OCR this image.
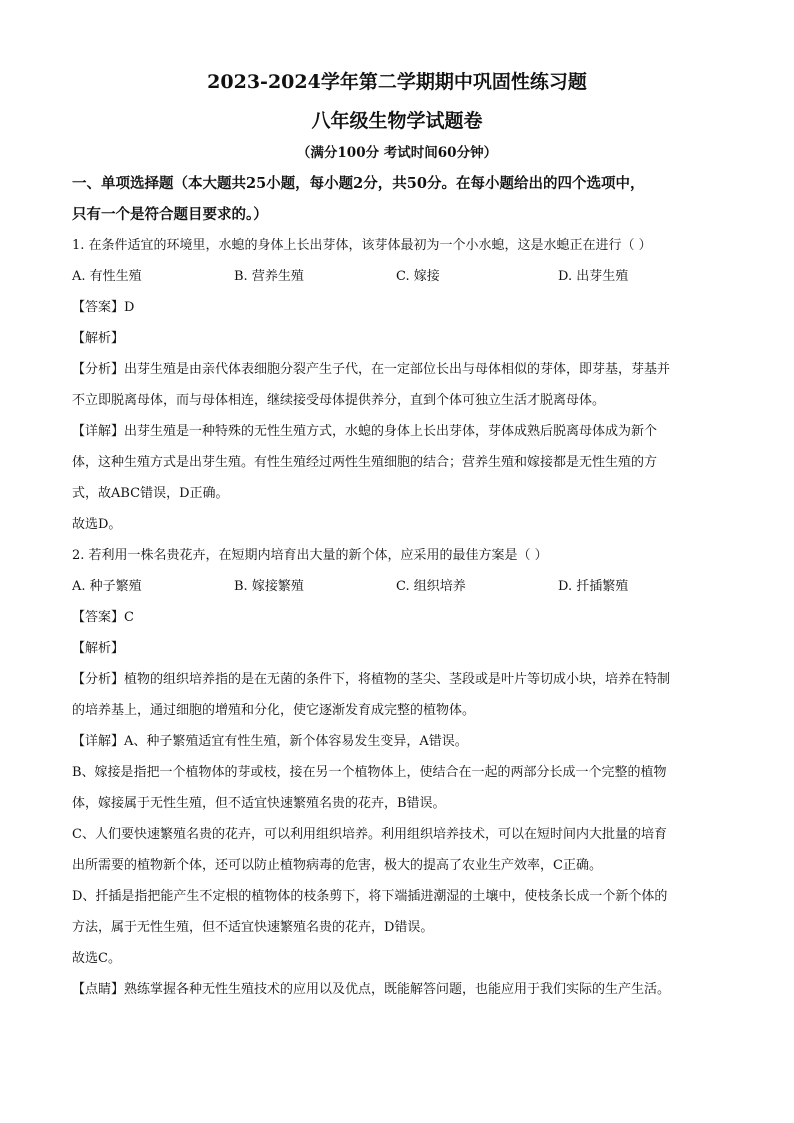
2023-2024学年第二学期期中巩固性练习题
八年级生物学试题卷
（满分100分 考试时间60分钟）
一、单项选择题（本大题共25小题，每小题2分，共50分。在每小题给出的四个选项中，
只有一个是符合题目要求的。）
1. 在条件适宜的环境里，水螅的身体上长出芽体，该芽体最初为一个小水螅，这是水螅正在进行（ ）
A. 有性生殖	B. 营养生殖	C. 嫁接	D. 出芽生殖
【答案】D
【解析】
【分析】出芽生殖是由亲代体表细胞分裂产生子代，在一定部位长出与母体相似的芽体，即芽基，芽基并
不立即脱离母体，而与母体相连，继续接受母体提供养分，直到个体可独立生活才脱离母体。
【详解】出芽生殖是一种特殊的无性生殖方式，水螅的身体上长出芽体，芽体成熟后脱离母体成为新个
体，这种生殖方式是出芽生殖。有性生殖经过两性生殖细胞的结合；营养生殖和嫁接都是无性生殖的方
式，故ABC错误，D正确。
故选D。
2. 若利用一株名贵花卉，在短期内培育出大量的新个体，应采用的最佳方案是（ ）
A. 种子繁殖	B. 嫁接繁殖	C. 组织培养	D. 扦插繁殖
【答案】C
【解析】
【分析】植物的组织培养指的是在无菌的条件下，将植物的茎尖、茎段或是叶片等切成小块，培养在特制
的培养基上，通过细胞的增殖和分化，使它逐渐发育成完整的植物体。
【详解】A、种子繁殖适宜有性生殖，新个体容易发生变异，A错误。
B、嫁接是指把一个植物体的芽或枝，接在另一个植物体上，使结合在一起的两部分长成一个完整的植物
体，嫁接属于无性生殖，但不适宜快速繁殖名贵的花卉，B错误。
C、人们要快速繁殖名贵的花卉，可以利用组织培养。利用组织培养技术，可以在短时间内大批量的培育
出所需要的植物新个体，还可以防止植物病毒的危害，极大的提高了农业生产效率，C正确。
D、扦插是指把能产生不定根的植物体的枝条剪下，将下端插进潮湿的土壤中，使枝条长成一个新个体的
方法，属于无性生殖，但不适宜快速繁殖名贵的花卉，D错误。
故选C。
【点睛】熟练掌握各种无性生殖技术的应用以及优点，既能解答问题，也能应用于我们实际的生产生活。
